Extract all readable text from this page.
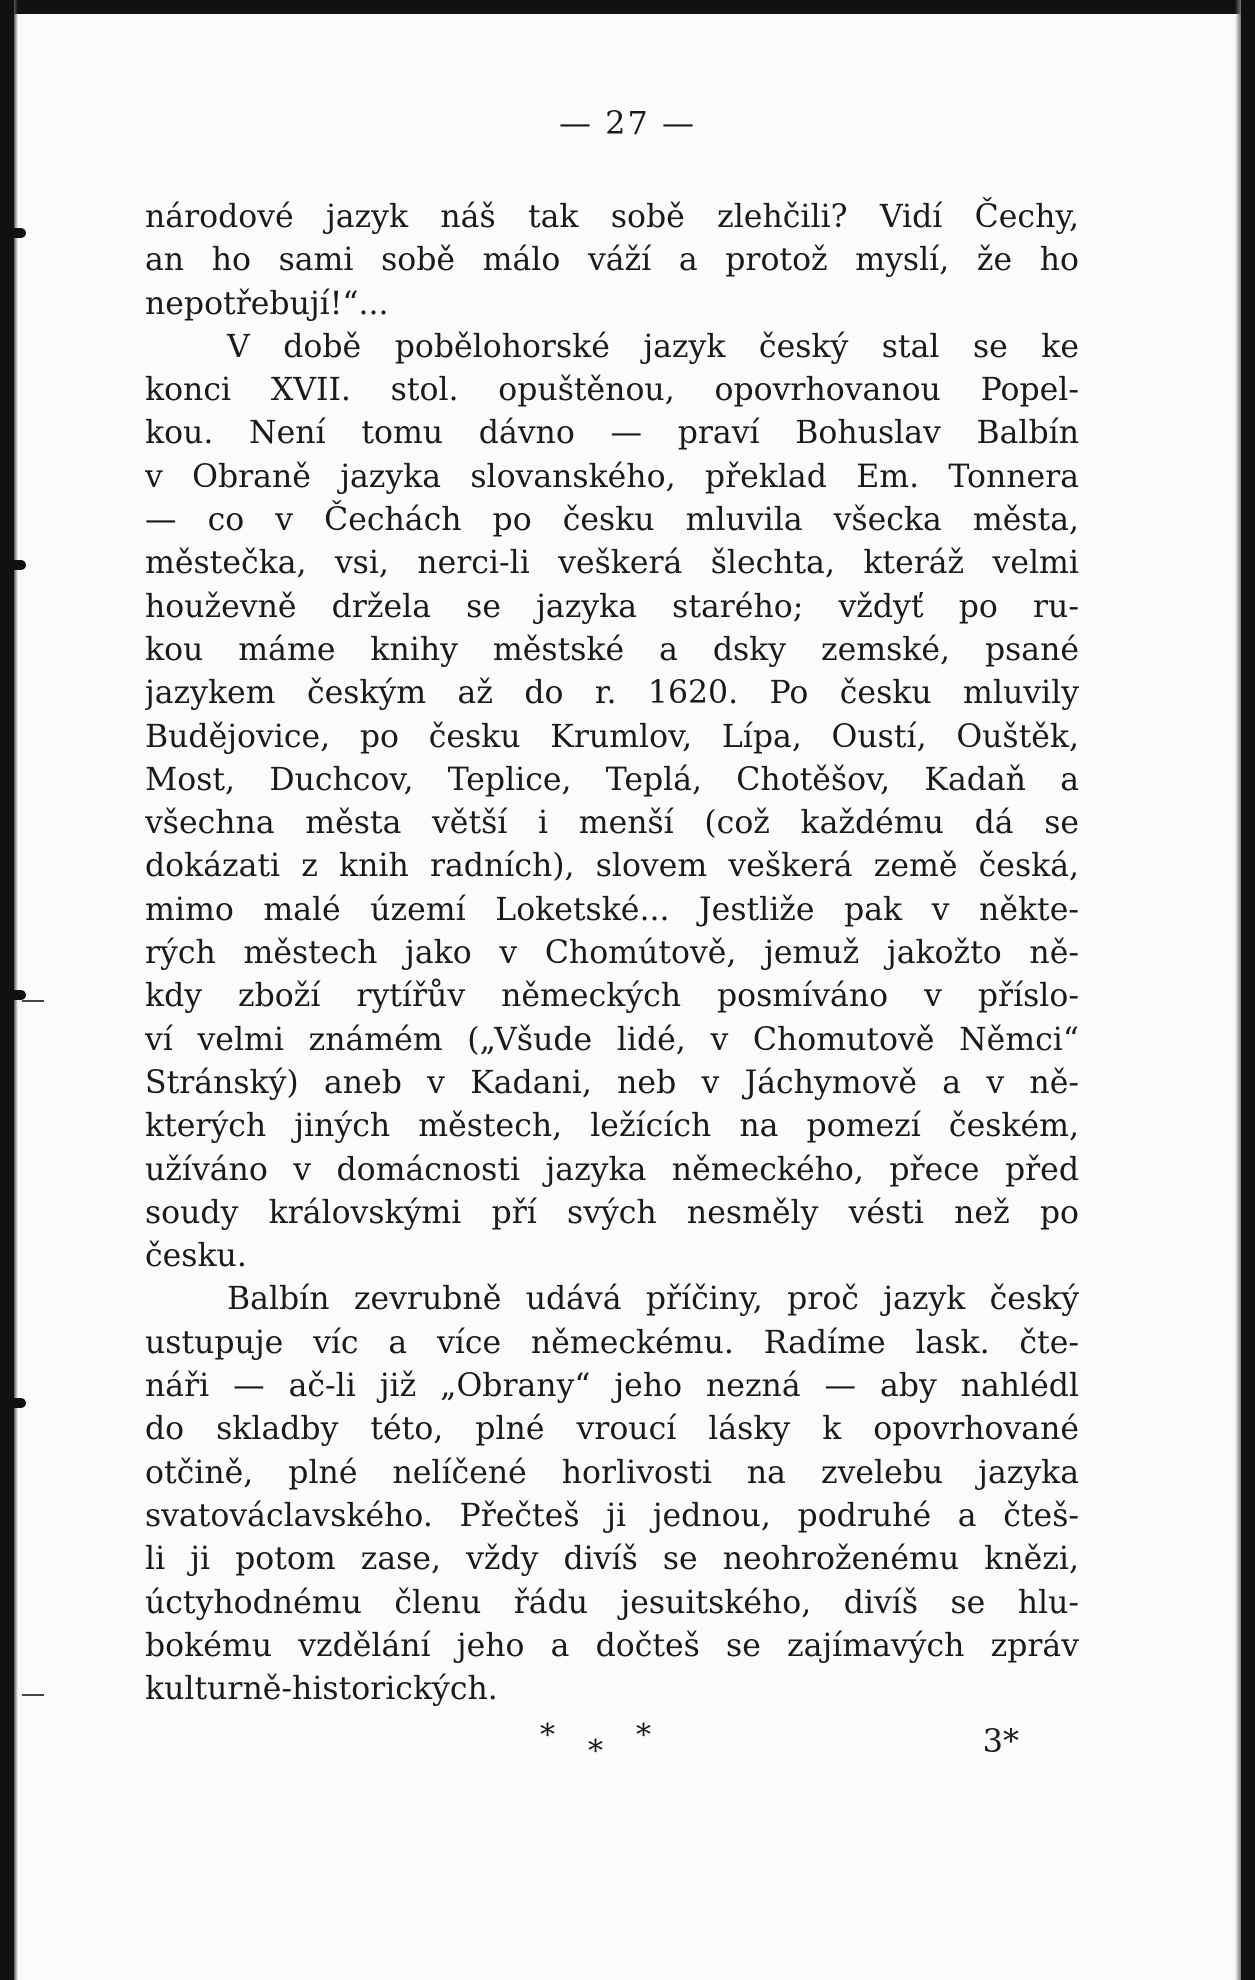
— 27 —
národové jazyk náš tak sobě zlehčili? Vidí Čechy,
an ho sami sobě málo váží a protož myslí, že ho
nepotřebují!“...
V době pobělohorské jazyk český stal se ke
konci XVII. stol. opuštěnou, opovrhovanou Popel-
kou. Není tomu dávno — praví Bohuslav Balbín
v Obraně jazyka slovanského, překlad Em. Tonnera
— co v Čechách po česku mluvila všecka města,
městečka, vsi, nerci-li veškerá šlechta, kteráž velmi
houževně držela se jazyka starého; vždyť po ru-
kou máme knihy městské a dsky zemské, psané
jazykem českým až do r. 1620. Po česku mluvily
Budějovice, po česku Krumlov, Lípa, Oustí, Ouštěk,
Most, Duchcov, Teplice, Teplá, Chotěšov, Kadaň a
všechna města větší i menší (což každému dá se
dokázati z knih radních), slovem veškerá země česká,
mimo malé území Loketské... Jestliže pak v někte-
rých městech jako v Chomútově, jemuž jakožto ně-
kdy zboží rytířův německých posmíváno v příslo-
ví velmi známém („Všude lidé, v Chomutově Němci“
Stránský) aneb v Kadani, neb v Jáchymově a v ně-
kterých jiných městech, ležících na pomezí českém,
užíváno v domácnosti jazyka německého, přece před
soudy královskými pří svých nesměly vésti než po
česku.
Balbín zevrubně udává příčiny, proč jazyk český
ustupuje víc a více německému. Radíme lask. čte-
náři — ač-li již „Obrany“ jeho nezná — aby nahlédl
do skladby této, plné vroucí lásky k opovrhované
otčině, plné nelíčené horlivosti na zvelebu jazyka
svatováclavského. Přečteš ji jednou, podruhé a čteš-
li ji potom zase, vždy divíš se neohroženému knězi,
úctyhodnému členu řádu jesuitského, divíš se hlu-
bokému vzdělání jeho a dočteš se zajímavých zpráv
kulturně-historických.
* * *	3*
